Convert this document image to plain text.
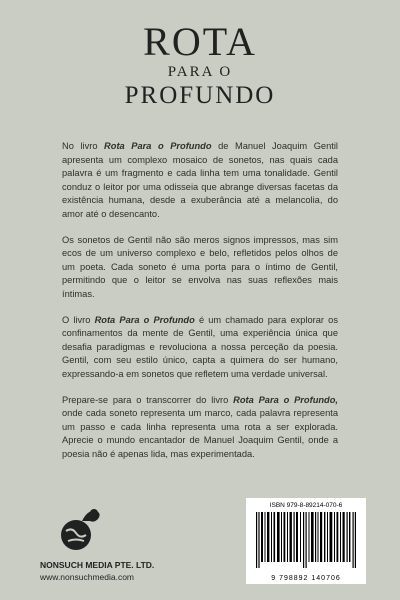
ROTA
PARA O
PROFUNDO

No livro Rota Para o Profundo de Manuel Joaquim Gentil apresenta um complexo mosaico de sonetos, nas quais cada palavra é um fragmento e cada linha tem uma tonalidade. Gentil conduz o leitor por uma odisseia que abrange diversas facetas da existência humana, desde a exuberância até a melancolia, do amor até o desencanto.

Os sonetos de Gentil não são meros signos impressos, mas sim ecos de um universo complexo e belo, refletidos pelos olhos de um poeta. Cada soneto é uma porta para o íntimo de Gentil, permitindo que o leitor se envolva nas suas reflexões mais íntimas.

O livro Rota Para o Profundo é um chamado para explorar os confinamentos da mente de Gentil, uma experiência única que desafia paradigmas e revoluciona a nossa perceção da poesia. Gentil, com seu estilo único, capta a quimera do ser humano, expressando-a em sonetos que refletem uma verdade universal.

Prepare-se para o transcorrer do livro Rota Para o Profundo, onde cada soneto representa um marco, cada palavra representa um passo e cada linha representa uma rota a ser explorada. Aprecie o mundo encantador de Manuel Joaquim Gentil, onde a poesia não é apenas lida, mas experimentada.

NONSUCH MEDIA PTE. LTD.
www.nonsuchmedia.com
ISBN 979-8-89214-070-6
9 798892 140706
